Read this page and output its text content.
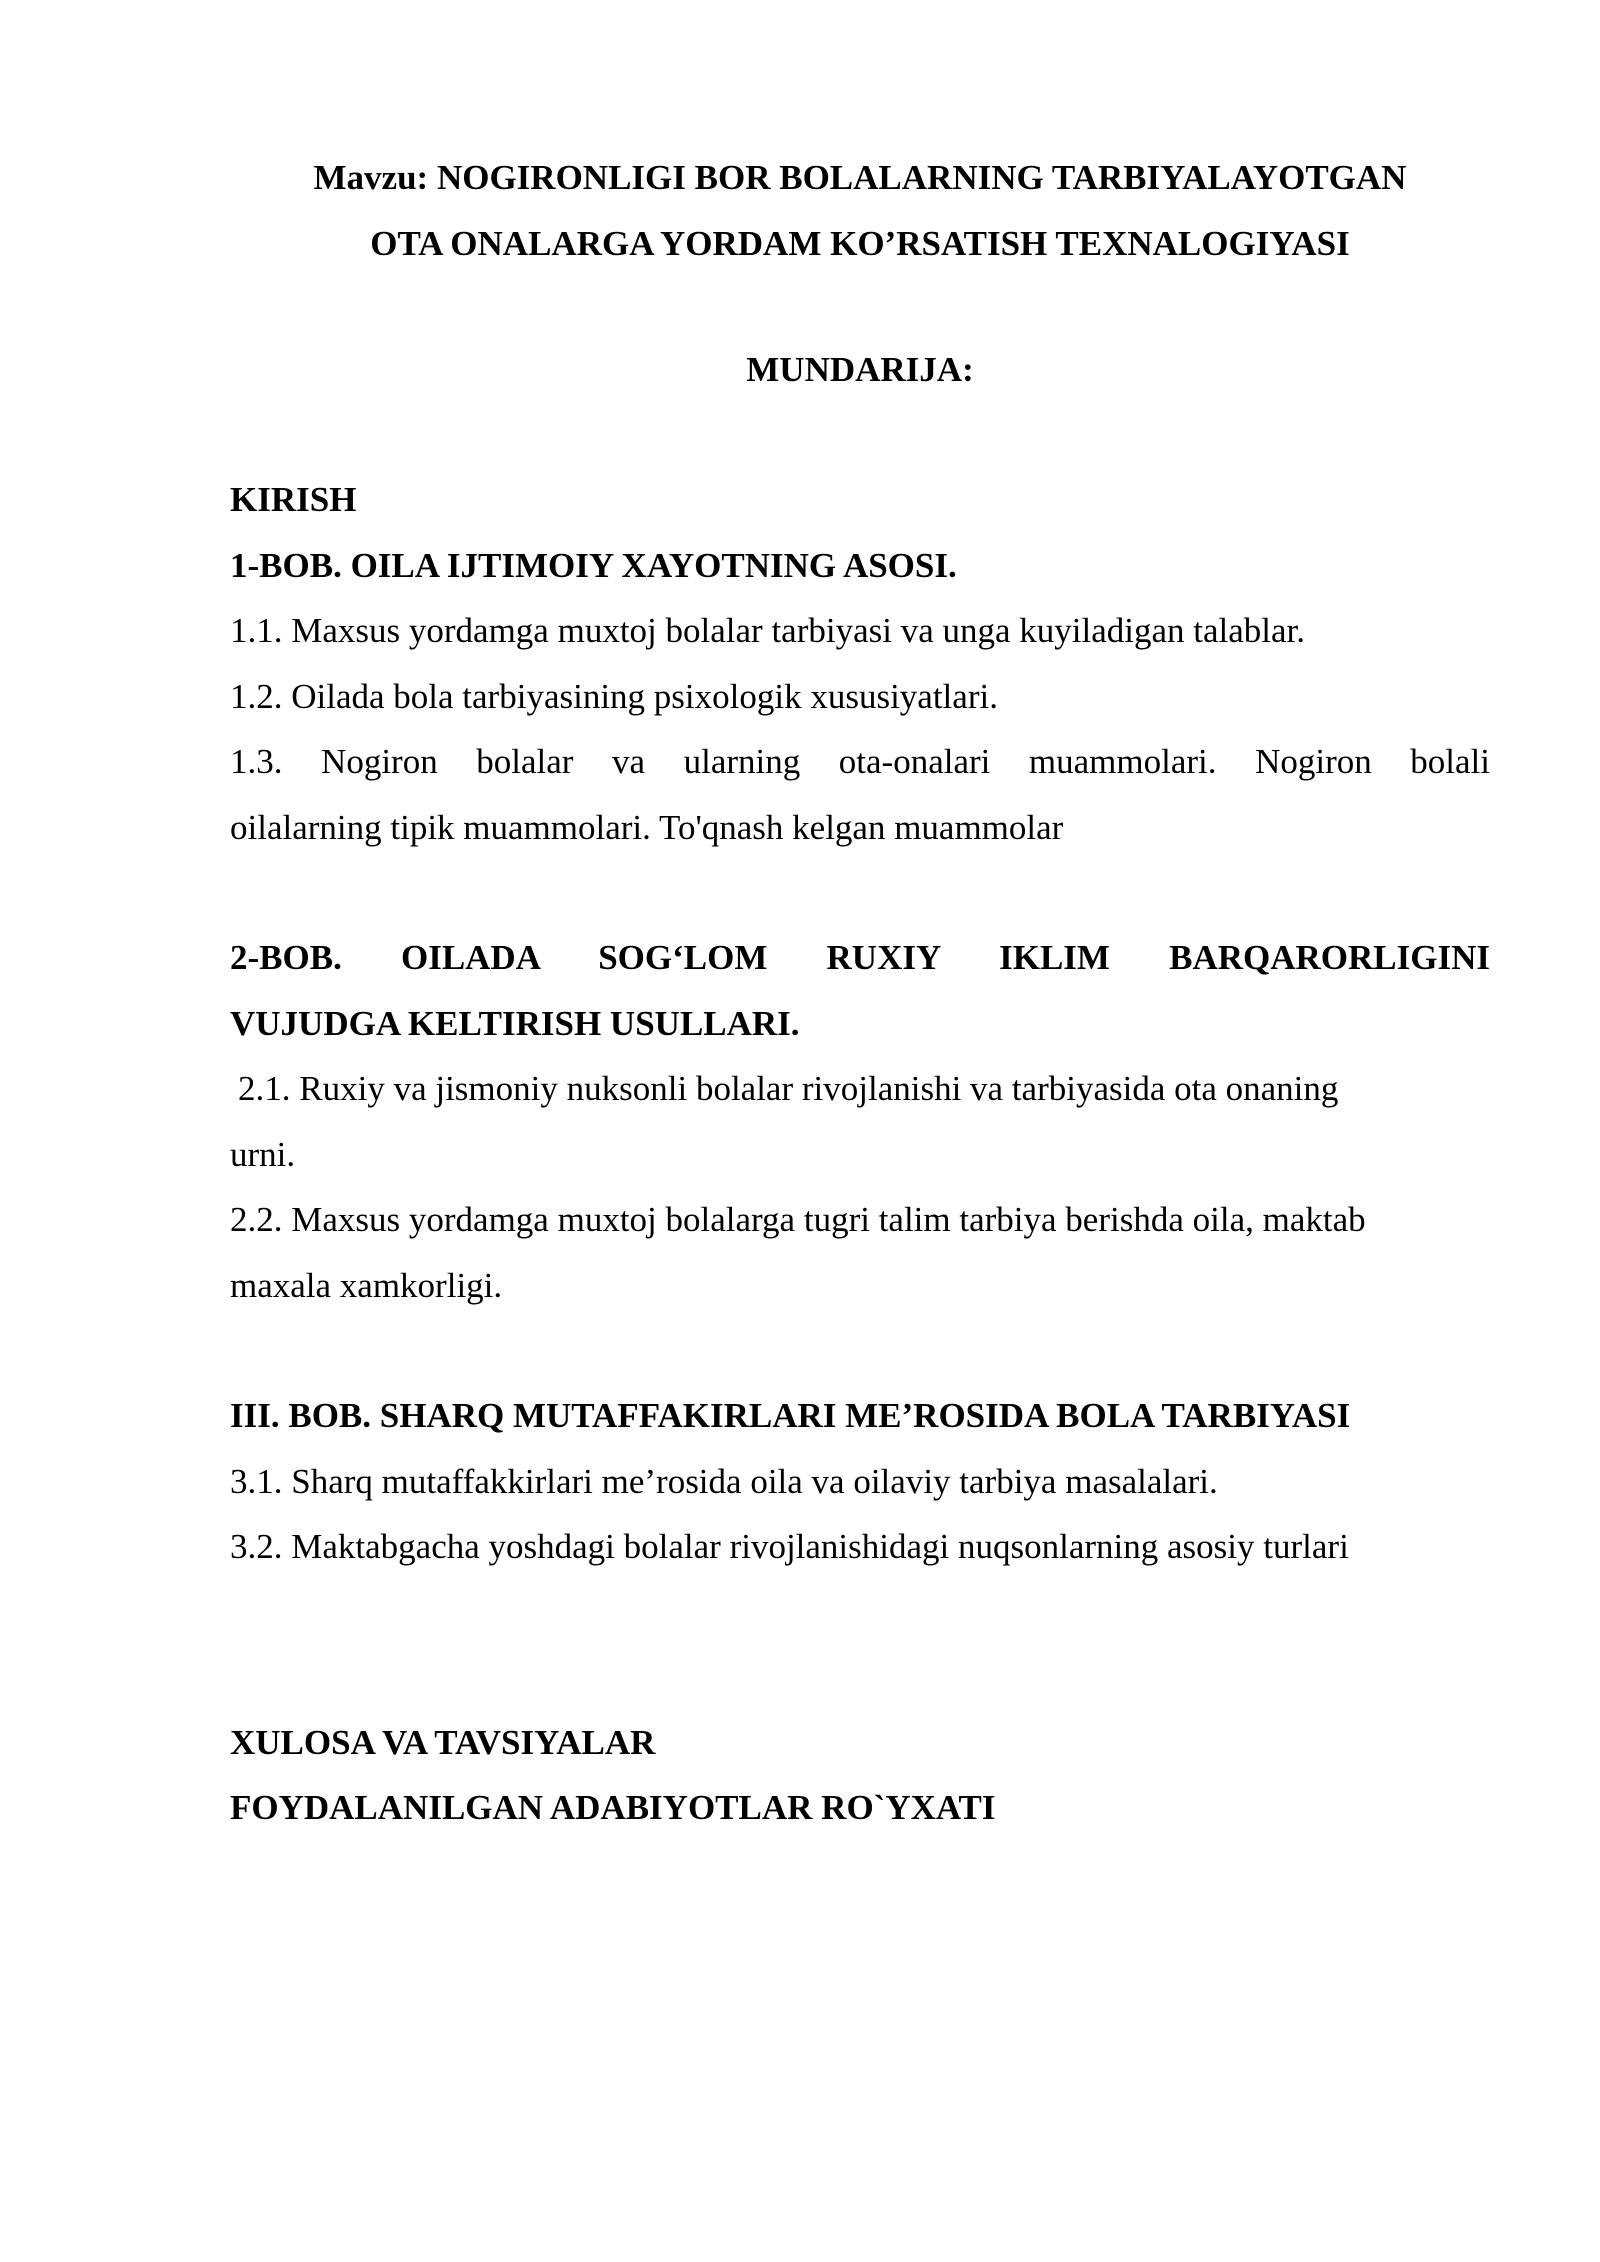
Mavzu: NOGIRONLIGI BOR BOLALARNING TARBIYALAYOTGAN
OTA ONALARGA YORDAM KO’RSATISH TEXNALOGIYASI

MUNDARIJA:

KIRISH

1-BOB. OILA IJTIMOIY XAYOTNING ASOSI.

1.1. Maxsus yordamga muxtoj bolalar tarbiyasi va unga kuyiladigan talablar.

1.2. Oilada bola tarbiyasining psixologik xususiyatlari.

1.3. Nogiron bolalar va ularning ota-onalari muammolari. Nogiron bolali

oilalarning tipik muammolari. To'qnash kelgan muammolar

2-BOB. OILADA SOG‘LOM RUXIY IKLIM BARQARORLIGINI

VUJUDGA KELTIRISH USULLARI.

2.1. Ruxiy va jismoniy nuksonli bolalar rivojlanishi va tarbiyasida ota onaning

urni.

2.2. Maxsus yordamga muxtoj bolalarga tugri talim tarbiya berishda oila, maktab

maxala xamkorligi.

III. BOB. SHARQ MUTAFFAKIRLARI ME’ROSIDA BOLA TARBIYASI

3.1. Sharq mutaffakkirlari me’rosida oila va oilaviy tarbiya masalalari.

3.2. Maktabgacha yoshdagi bolalar rivojlanishidagi nuqsonlarning asosiy turlari

XULOSA VA TAVSIYALAR

FOYDALANILGAN ADABIYOTLAR RO`YXATI
